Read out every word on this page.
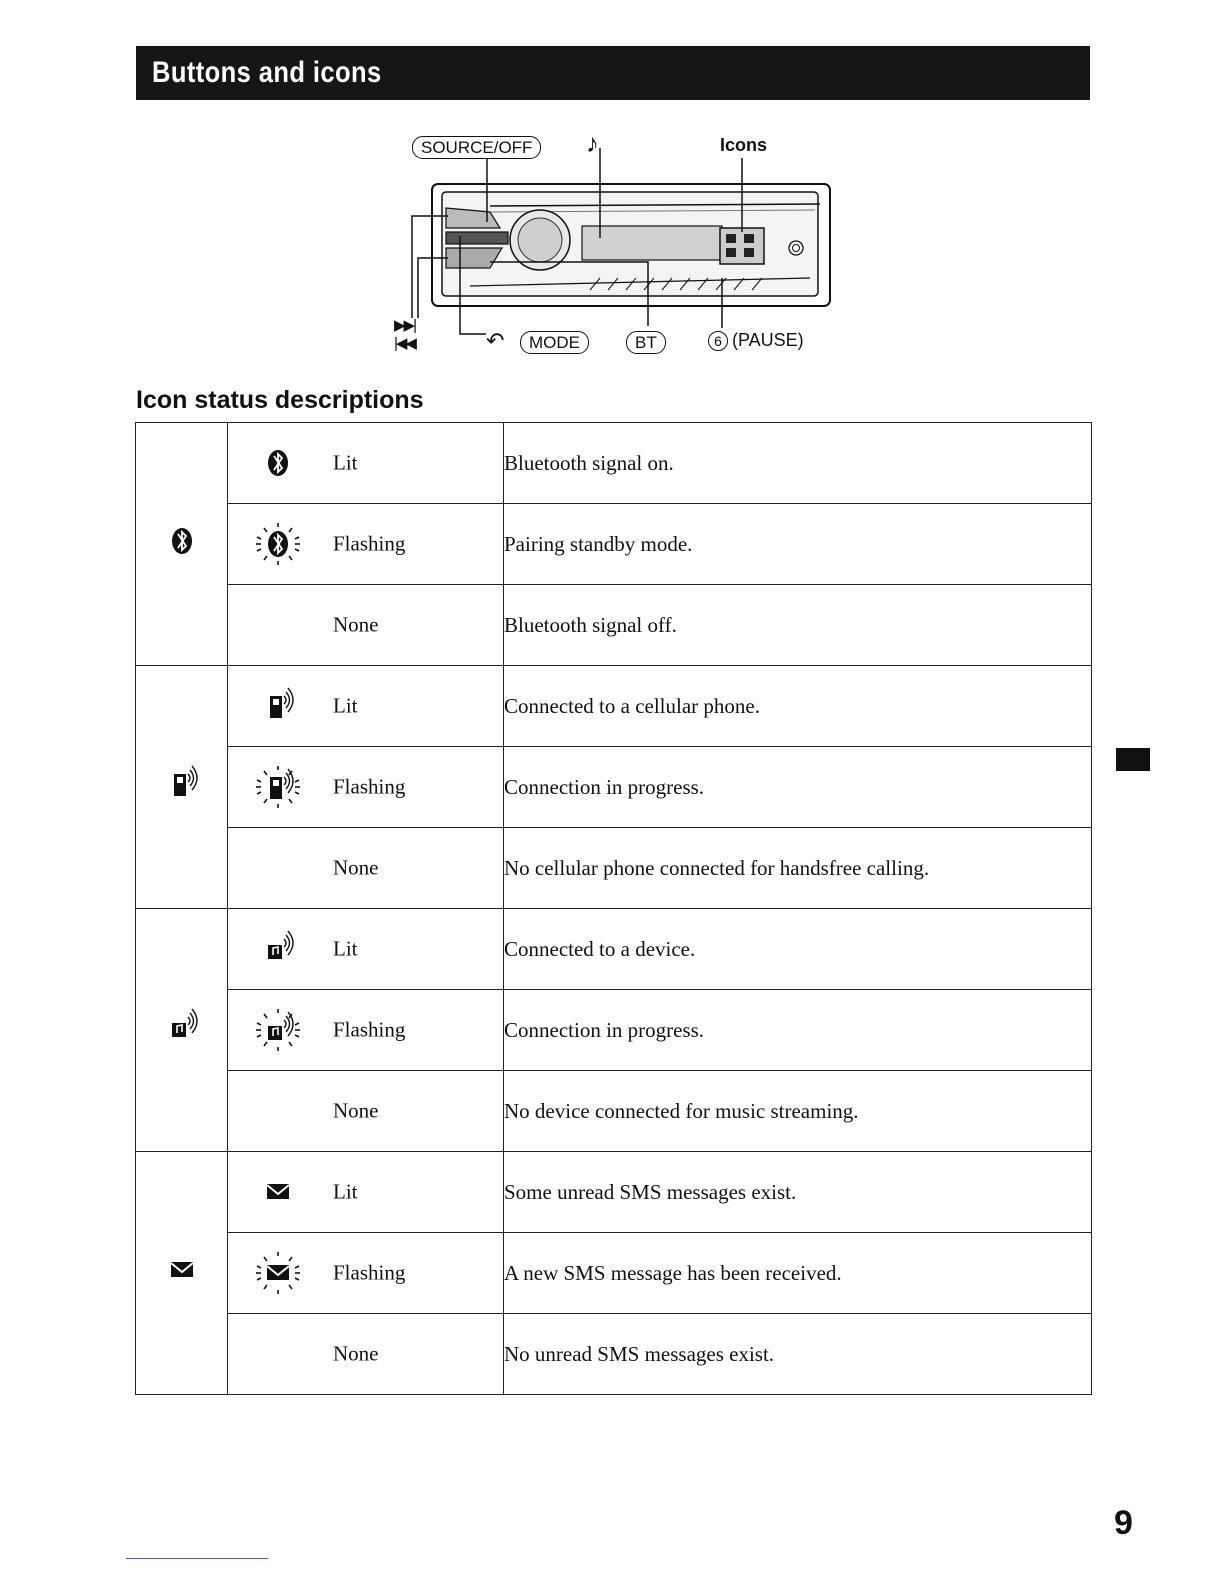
Buttons and icons
SOURCE/OFF	♪	Icons
▶▶|
|◀◀	↶	MODE	BT	6 (PAUSE)
Icon status descriptions

Lit	Bluetooth signal on.

	Flashing	Pairing standby mode.

	None	Bluetooth signal off.

Lit	Connected to a cellular phone.

	Flashing	Connection in progress.

	None	No cellular phone connected for handsfree calling.

Lit	Connected to a device.

	Flashing	Connection in progress.

	None	No device connected for music streaming.

Lit	Some unread SMS messages exist.

	Flashing	A new SMS message has been received.

	None	No unread SMS messages exist.
9
